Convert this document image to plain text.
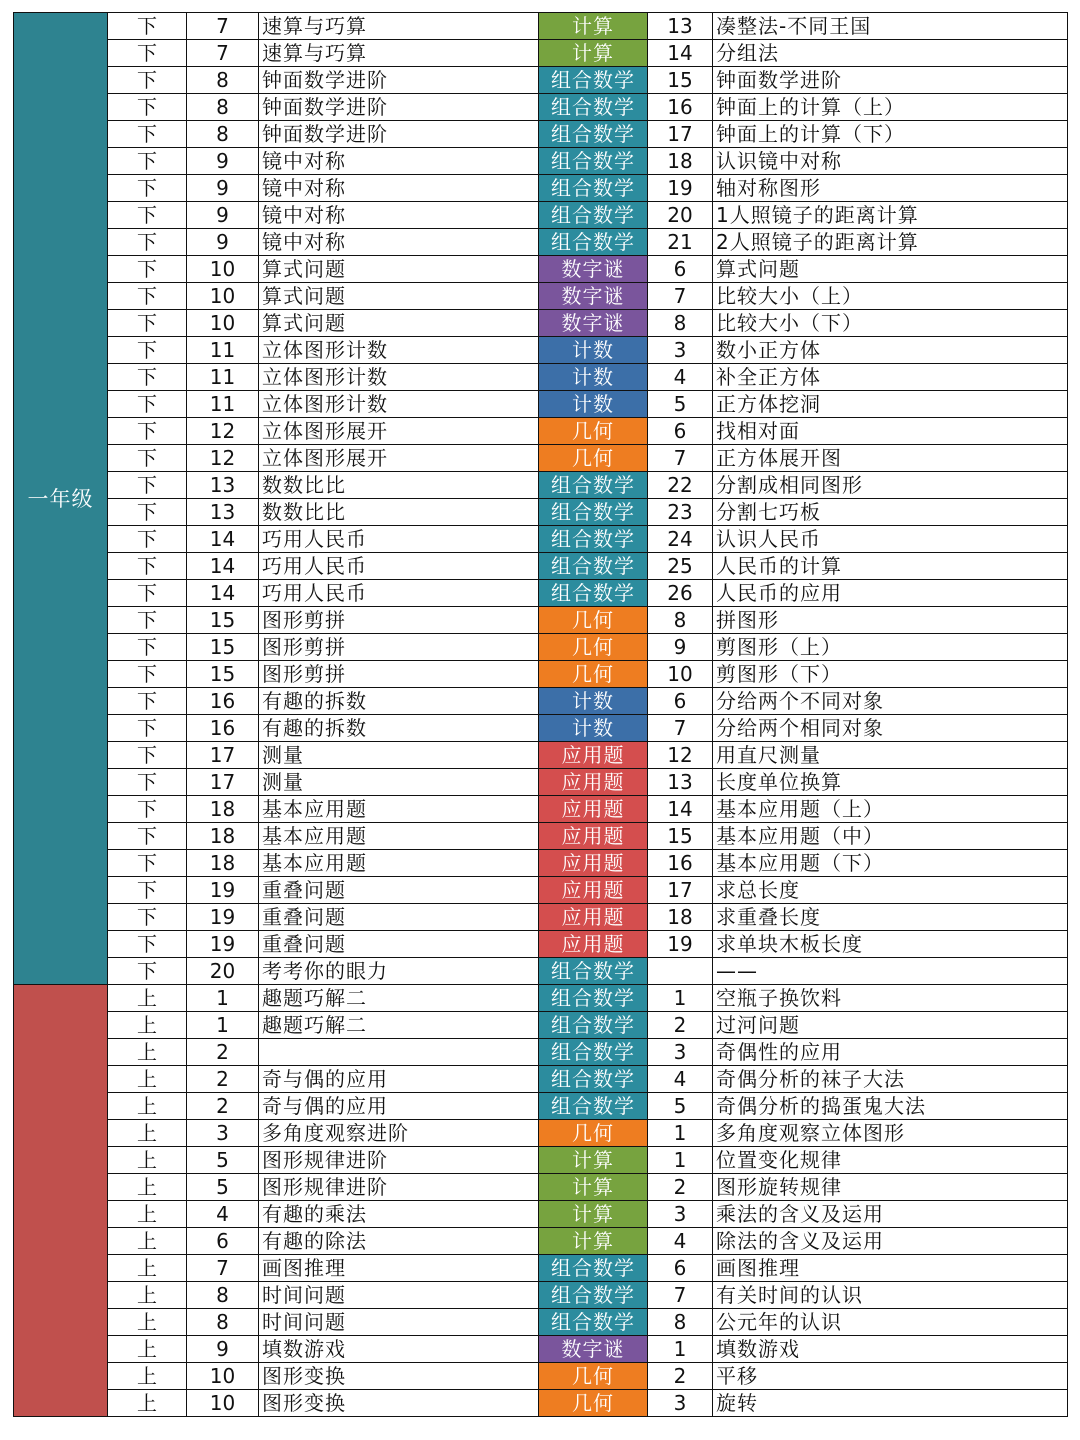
一年级	下	7	速算与巧算	计算	13	凑整法-不同王国
	下	7	速算与巧算	计算	14	分组法
	下	8	钟面数学进阶	组合数学	15	钟面数学进阶
	下	8	钟面数学进阶	组合数学	16	钟面上的计算（上）
	下	8	钟面数学进阶	组合数学	17	钟面上的计算（下）
	下	9	镜中对称	组合数学	18	认识镜中对称
	下	9	镜中对称	组合数学	19	轴对称图形
	下	9	镜中对称	组合数学	20	1人照镜子的距离计算
	下	9	镜中对称	组合数学	21	2人照镜子的距离计算
	下	10	算式问题	数字谜	6	算式问题
	下	10	算式问题	数字谜	7	比较大小（上）
	下	10	算式问题	数字谜	8	比较大小（下）
	下	11	立体图形计数	计数	3	数小正方体
	下	11	立体图形计数	计数	4	补全正方体
	下	11	立体图形计数	计数	5	正方体挖洞
	下	12	立体图形展开	几何	6	找相对面
	下	12	立体图形展开	几何	7	正方体展开图
	下	13	数数比比	组合数学	22	分割成相同图形
	下	13	数数比比	组合数学	23	分割七巧板
	下	14	巧用人民币	组合数学	24	认识人民币
	下	14	巧用人民币	组合数学	25	人民币的计算
	下	14	巧用人民币	组合数学	26	人民币的应用
	下	15	图形剪拼	几何	8	拼图形
	下	15	图形剪拼	几何	9	剪图形（上）
	下	15	图形剪拼	几何	10	剪图形（下）
	下	16	有趣的拆数	计数	6	分给两个不同对象
	下	16	有趣的拆数	计数	7	分给两个相同对象
	下	17	测量	应用题	12	用直尺测量
	下	17	测量	应用题	13	长度单位换算
	下	18	基本应用题	应用题	14	基本应用题（上）
	下	18	基本应用题	应用题	15	基本应用题（中）
	下	18	基本应用题	应用题	16	基本应用题（下）
	下	19	重叠问题	应用题	17	求总长度
	下	19	重叠问题	应用题	18	求重叠长度
	下	19	重叠问题	应用题	19	求单块木板长度
	下	20	考考你的眼力	组合数学		——
	上	1	趣题巧解二	组合数学	1	空瓶子换饮料
	上	1	趣题巧解二	组合数学	2	过河问题
	上	2		组合数学	3	奇偶性的应用
	上	2	奇与偶的应用	组合数学	4	奇偶分析的袜子大法
	上	2	奇与偶的应用	组合数学	5	奇偶分析的捣蛋鬼大法
	上	3	多角度观察进阶	几何	1	多角度观察立体图形
	上	5	图形规律进阶	计算	1	位置变化规律
	上	5	图形规律进阶	计算	2	图形旋转规律
	上	4	有趣的乘法	计算	3	乘法的含义及运用
	上	6	有趣的除法	计算	4	除法的含义及运用
	上	7	画图推理	组合数学	6	画图推理
	上	8	时间问题	组合数学	7	有关时间的认识
	上	8	时间问题	组合数学	8	公元年的认识
	上	9	填数游戏	数字谜	1	填数游戏
	上	10	图形变换	几何	2	平移
	上	10	图形变换	几何	3	旋转
